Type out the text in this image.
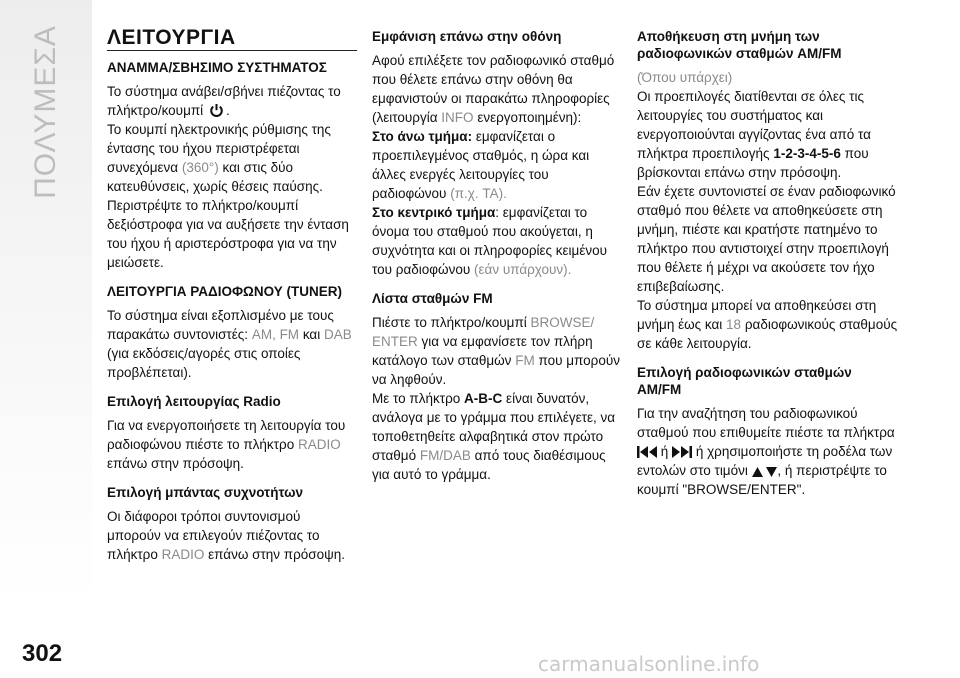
ΠΟΛΥΜΕΣΑ
302
ΛΕΙΤΟΥΡΓΙΑ
ΑΝΑΜΜΑ/ΣΒΗΣΙΜΟ ΣΥΣΤΗΜΑΤΟΣ

Το σύστημα ανάβει/σβήνει πιέζοντας το πλήκτρο/κουμπί .
Το κουμπί ηλεκτρονικής ρύθμισης της έντασης του ήχου περιστρέφεται συνεχόμενα (360°) και στις δύο κατευθύνσεις, χωρίς θέσεις παύσης. Περιστρέψτε το πλήκτρο/κουμπί δεξιόστροφα για να αυξήσετε την ένταση του ήχου ή αριστερόστροφα για να την μειώσετε.

ΛΕΙΤΟΥΡΓΙΑ ΡΑΔΙΟΦΩΝΟΥ (TUNER)

Το σύστημα είναι εξοπλισμένο με τους παρακάτω συντονιστές: AM, FM και DAB (για εκδόσεις/αγορές στις οποίες προβλέπεται).

Επιλογή λειτουργίας Radio

Για να ενεργοποιήσετε τη λειτουργία του ραδιοφώνου πιέστε το πλήκτρο RADIO επάνω στην πρόσοψη.

Επιλογή μπάντας συχνοτήτων

Οι διάφοροι τρόποι συντονισμού μπορούν να επιλεγούν πιέζοντας το πλήκτρο RADIO επάνω στην πρόσοψη.

Εμφάνιση επάνω στην οθόνη

Αφού επιλέξετε τον ραδιοφωνικό σταθμό που θέλετε επάνω στην οθόνη θα εμφανιστούν οι παρακάτω πληροφορίες (λειτουργία INFO ενεργοποιημένη):
Στο άνω τμήμα: εμφανίζεται ο προεπιλεγμένος σταθμός, η ώρα και άλλες ενεργές λειτουργίες του ραδιοφώνου (π.χ. TA).
Στο κεντρικό τμήμα: εμφανίζεται το όνομα του σταθμού που ακούγεται, η συχνότητα και οι πληροφορίες κειμένου του ραδιοφώνου (εάν υπάρχουν).

Λίστα σταθμών FM

Πιέστε το πλήκτρο/κουμπί BROWSE/ ENTER για να εμφανίσετε τον πλήρη κατάλογο των σταθμών FM που μπορούν να ληφθούν.
Με το πλήκτρο A-B-C είναι δυνατόν, ανάλογα με το γράμμα που επιλέγετε, να τοποθετηθείτε αλφαβητικά στον πρώτο σταθμό FM/DAB από τους διαθέσιμους για αυτό το γράμμα.

Αποθήκευση στη μνήμη των ραδιοφωνικών σταθμών AM/FM

(Όπου υπάρχει)
Οι προεπιλογές διατίθενται σε όλες τις λειτουργίες του συστήματος και ενεργοποιούνται αγγίζοντας ένα από τα πλήκτρα προεπιλογής 1-2-3-4-5-6 που βρίσκονται επάνω στην πρόσοψη.
Εάν έχετε συντονιστεί σε έναν ραδιοφωνικό σταθμό που θέλετε να αποθηκεύσετε στη μνήμη, πιέστε και κρατήστε πατημένο το πλήκτρο που αντιστοιχεί στην προεπιλογή που θέλετε ή μέχρι να ακούσετε τον ήχο επιβεβαίωσης.
Το σύστημα μπορεί να αποθηκεύσει στη μνήμη έως και 18 ραδιοφωνικούς σταθμούς σε κάθε λειτουργία.

Επιλογή ραδιοφωνικών σταθμών AM/FM

Για την αναζήτηση του ραδιοφωνικού σταθμού που επιθυμείτε πιέστε τα πλήκτρα
ή ή χρησιμοποιήστε τη ροδέλα των εντολών στο τιμόνι
, ή περιστρέψτε το κουμπί "BROWSE/ENTER".

carmanualsonline.info
